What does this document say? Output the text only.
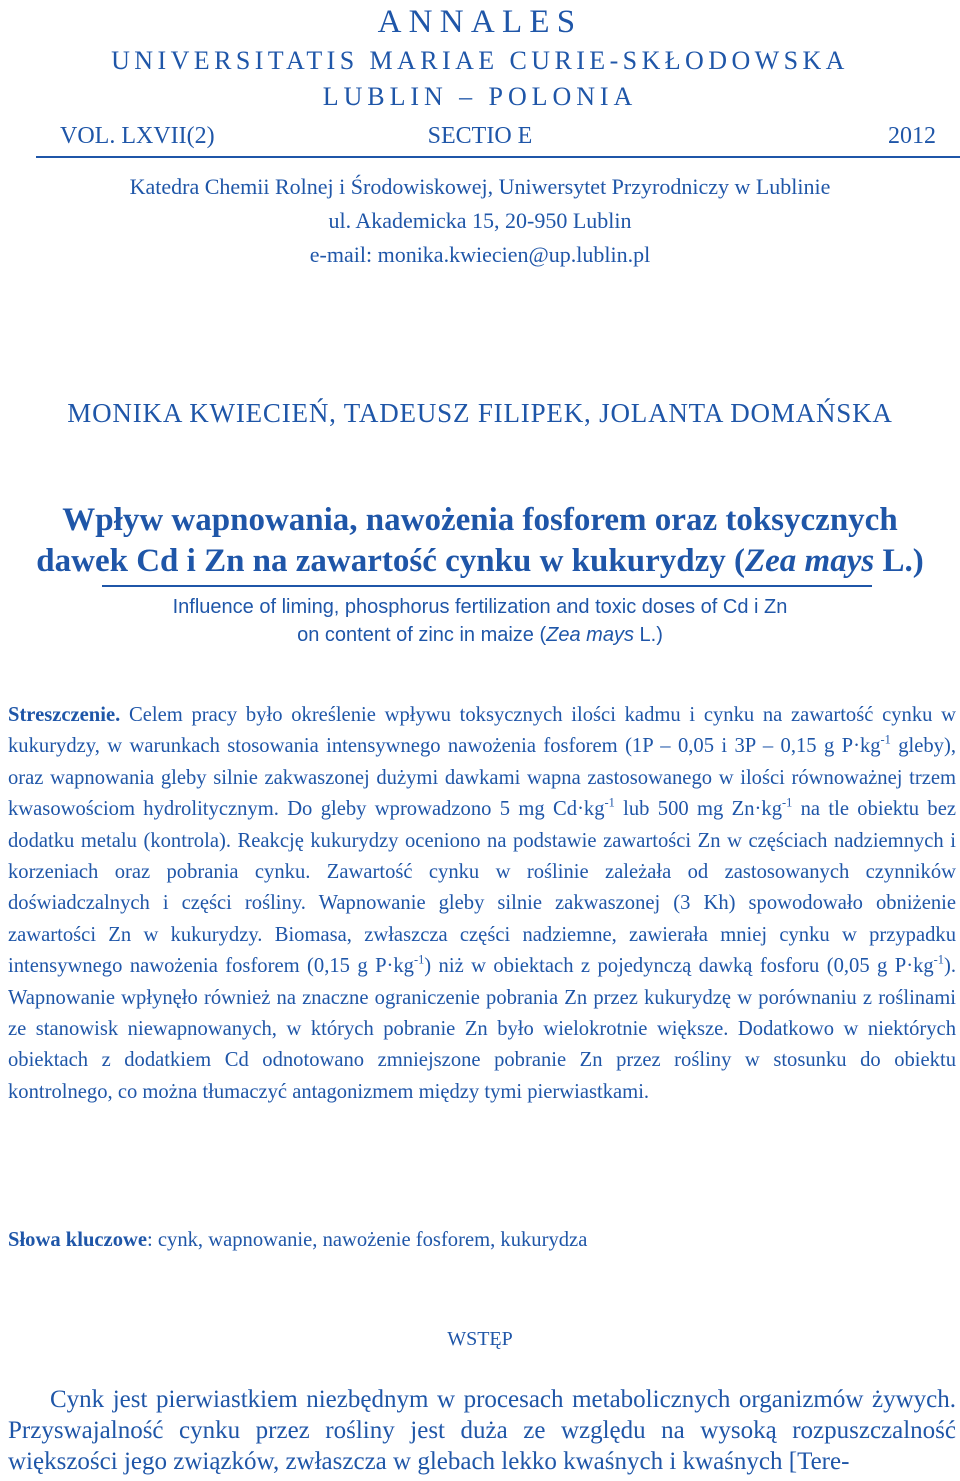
ANNALES
UNIVERSITATIS MARIAE CURIE-SKŁODOWSKA
LUBLIN – POLONIA
VOL. LXVII(2)	SECTIO E	2012
Katedra Chemii Rolnej i Środowiskowej, Uniwersytet Przyrodniczy w Lublinie
ul. Akademicka 15, 20-950 Lublin
e-mail: monika.kwiecien@up.lublin.pl
MONIKA KWIECIEŃ, TADEUSZ FILIPEK, JOLANTA DOMAŃSKA
Wpływ wapnowania, nawożenia fosforem oraz toksycznych
dawek Cd i Zn na zawartość cynku w kukurydzy (Zea mays L.)
Influence of liming, phosphorus fertilization and toxic doses of Cd i Zn
on content of zinc in maize (Zea mays L.)
Streszczenie. Celem pracy było określenie wpływu toksycznych ilości kadmu i cynku na zawartość cynku w kukurydzy, w warunkach stosowania intensywnego nawożenia fosforem (1P – 0,05 i 3P – 0,15 g $P\cdot kg^{-1}$ gleby), oraz wapnowania gleby silnie zakwaszonej dużymi dawkami wapna zastosowanego w ilości równoważnej trzem kwasowościom hydrolitycznym. Do gleby wprowadzono 5 mg $Cd\cdot kg^{-1}$ lub 500 mg $Zn\cdot kg^{-1}$ na tle obiektu bez dodatku metalu (kontrola). Reakcję kukurydzy oceniono na podstawie zawartości Zn w częściach nadziemnych i korzeniach oraz pobrania cynku. Zawartość cynku w roślinie zależała od zastosowanych czynników doświadczalnych i części rośliny. Wapnowanie gleby silnie zakwaszonej (3 Kh) spowodowało obniżenie zawartości Zn w kukurydzy. Biomasa, zwłaszcza części nadziemne, zawierała mniej cynku w przypadku intensywnego nawożenia fosforem (0,15 g $P\cdot kg^{-1}$) niż w obiektach z pojedynczą dawką fosforu (0,05 g $P\cdot kg^{-1}$). Wapnowanie wpłynęło również na znaczne ograniczenie pobrania Zn przez kukurydzę w porównaniu z roślinami ze stanowisk niewapnowanych, w których pobranie Zn było wielokrotnie większe. Dodatkowo w niektórych obiektach z dodatkiem Cd odnotowano zmniejszone pobranie Zn przez rośliny w stosunku do obiektu kontrolnego, co można tłumaczyć antagonizmem między tymi pierwiastkami.
Słowa kluczowe: cynk, wapnowanie, nawożenie fosforem, kukurydza
WSTĘP
Cynk jest pierwiastkiem niezbędnym w procesach metabolicznych organizmów żywych. Przyswajalność cynku przez rośliny jest duża ze względu na wysoką rozpuszczalność większości jego związków, zwłaszcza w glebach lekko kwaśnych i kwaśnych [Tere-
